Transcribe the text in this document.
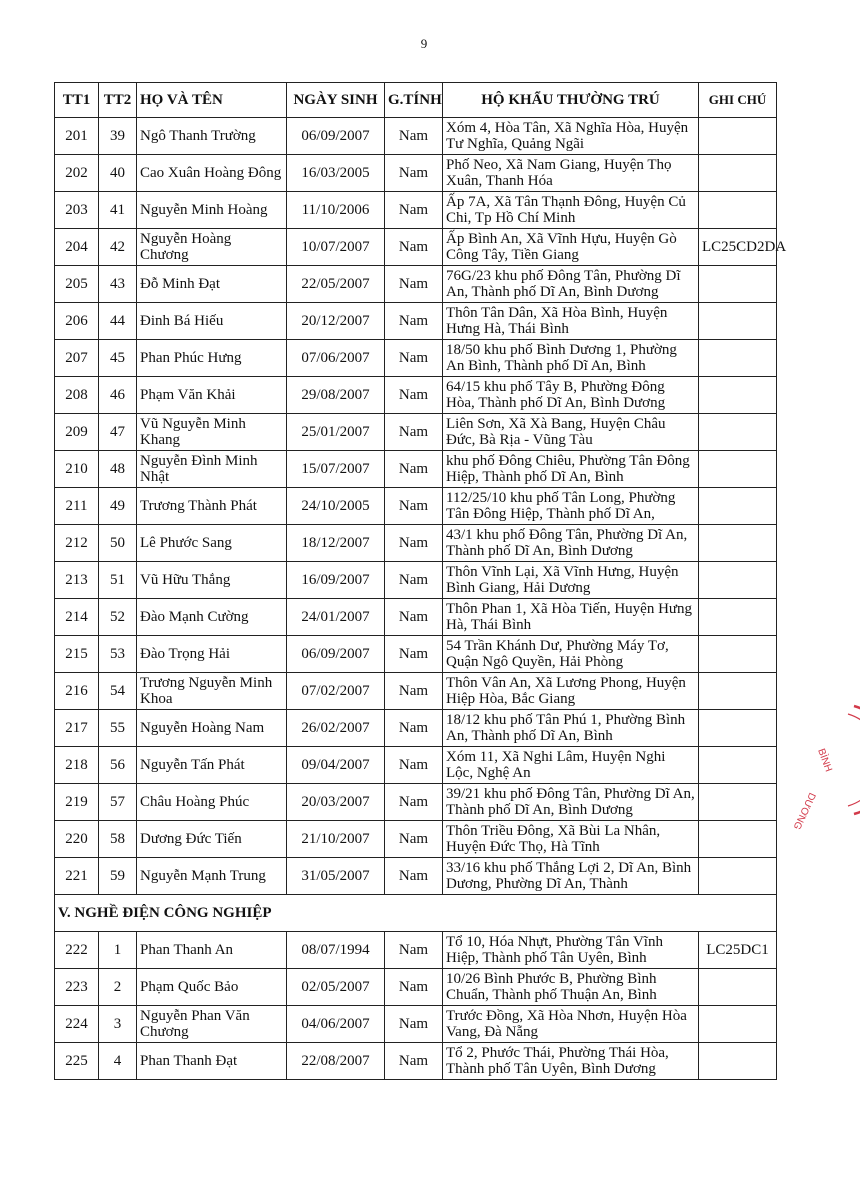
9
TT1	TT2	HỌ VÀ TÊN	NGÀY SINH	G.TÍNH	HỘ KHẨU THƯỜNG TRÚ	GHI CHÚ
201	39	Ngô Thanh Trường	06/09/2007	Nam	Xóm 4, Hòa Tân, Xã Nghĩa Hòa, Huyện Tư Nghĩa, Quảng Ngãi	
202	40	Cao Xuân Hoàng Đông	16/03/2005	Nam	Phố Neo, Xã Nam Giang, Huyện Thọ Xuân, Thanh Hóa	
203	41	Nguyễn Minh Hoàng	11/10/2006	Nam	Ấp 7A, Xã Tân Thạnh Đông, Huyện Củ Chi, Tp Hồ Chí Minh	
204	42	Nguyễn Hoàng Chương	10/07/2007	Nam	Ấp Bình An, Xã Vĩnh Hựu, Huyện Gò Công Tây, Tiền Giang	LC25CD2DA
205	43	Đỗ Minh Đạt	22/05/2007	Nam	76G/23 khu phố Đông Tân, Phường Dĩ An, Thành phố Dĩ An, Bình Dương	
206	44	Đinh Bá Hiếu	20/12/2007	Nam	Thôn Tân Dân, Xã Hòa Bình, Huyện Hưng Hà, Thái Bình	
207	45	Phan Phúc Hưng	07/06/2007	Nam	18/50 khu phố Bình Dương 1, Phường An Bình, Thành phố Dĩ An, Bình	
208	46	Phạm Văn Khải	29/08/2007	Nam	64/15 khu phố Tây B, Phường Đông Hòa, Thành phố Dĩ An, Bình Dương	
209	47	Vũ Nguyễn Minh Khang	25/01/2007	Nam	Liên Sơn, Xã Xà Bang, Huyện Châu Đức, Bà Rịa - Vũng Tàu	
210	48	Nguyễn Đình Minh Nhật	15/07/2007	Nam	khu phố Đông Chiêu, Phường Tân Đông Hiệp, Thành phố Dĩ An, Bình	
211	49	Trương Thành Phát	24/10/2005	Nam	112/25/10 khu phố Tân Long, Phường Tân Đông Hiệp, Thành phố Dĩ An,	
212	50	Lê Phước Sang	18/12/2007	Nam	43/1 khu phố Đông Tân, Phường Dĩ An, Thành phố Dĩ An, Bình Dương	
213	51	Vũ Hữu Thắng	16/09/2007	Nam	Thôn Vĩnh Lại, Xã Vĩnh Hưng, Huyện Bình Giang, Hải Dương	
214	52	Đào Mạnh Cường	24/01/2007	Nam	Thôn Phan 1, Xã Hòa Tiến, Huyện Hưng Hà, Thái Bình	
215	53	Đào Trọng Hải	06/09/2007	Nam	54 Trần Khánh Dư, Phường Máy Tơ, Quận Ngô Quyền, Hải Phòng	
216	54	Trương Nguyễn Minh Khoa	07/02/2007	Nam	Thôn Vân An, Xã Lương Phong, Huyện Hiệp Hòa, Bắc Giang	
217	55	Nguyễn Hoàng Nam	26/02/2007	Nam	18/12 khu phố Tân Phú 1, Phường Bình An, Thành phố Dĩ An, Bình	
218	56	Nguyễn Tấn Phát	09/04/2007	Nam	Xóm 11, Xã Nghi Lâm, Huyện Nghi Lộc, Nghệ An	
219	57	Châu Hoàng Phúc	20/03/2007	Nam	39/21 khu phố Đông Tân, Phường Dĩ An, Thành phố Dĩ An, Bình Dương	
220	58	Dương Đức Tiến	21/10/2007	Nam	Thôn Triều Đông, Xã Bùi La Nhân, Huyện Đức Thọ, Hà Tĩnh	
221	59	Nguyễn Mạnh Trung	31/05/2007	Nam	33/16 khu phố Thắng Lợi 2, Dĩ An, Bình Dương, Phường Dĩ An, Thành	
V. NGHỀ ĐIỆN CÔNG NGHIỆP						
222	1	Phan Thanh An	08/07/1994	Nam	Tổ 10, Hóa Nhựt, Phường Tân Vĩnh Hiệp, Thành phố Tân Uyên, Bình	LC25DC1
223	2	Phạm Quốc Bảo	02/05/2007	Nam	10/26 Bình Phước B, Phường Bình Chuẩn, Thành phố Thuận An, Bình	
224	3	Nguyễn Phan Văn Chương	04/06/2007	Nam	Trước Đồng, Xã Hòa Nhơn, Huyện Hòa Vang, Đà Nẵng	
225	4	Phan Thanh Đạt	22/08/2007	Nam	Tổ 2, Phước Thái, Phường Thái Hòa, Thành phố Tân Uyên, Bình Dương	
BÌNH
DƯƠNG
